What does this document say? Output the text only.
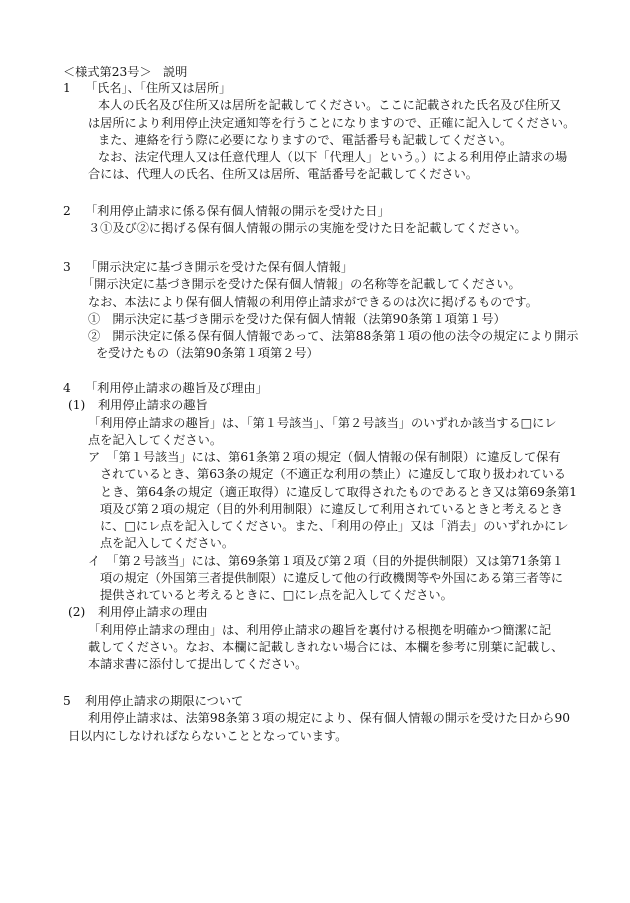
＜様式第23号＞ 説明
1 「氏名」、「住所又は居所」
本人の氏名及び住所又は居所を記載してください。ここに記載された氏名及び住所又
は居所により利用停止決定通知等を行うことになりますので、正確に記入してください。
また、連絡を行う際に必要になりますので、電話番号も記載してください。
なお、法定代理人又は任意代理人（以下「代理人」という。）による利用停止請求の場
合には、代理人の氏名、住所又は居所、電話番号を記載してください。
2 「利用停止請求に係る保有個人情報の開示を受けた日」
３①及び②に掲げる保有個人情報の開示の実施を受けた日を記載してください。
3 「開示決定に基づき開示を受けた保有個人情報」
「開示決定に基づき開示を受けた保有個人情報」の名称等を記載してください。
なお、本法により保有個人情報の利用停止請求ができるのは次に掲げるものです。
①　開示決定に基づき開示を受けた保有個人情報（法第90条第１項第１号）
②　開示決定に係る保有個人情報であって、法第88条第１項の他の法令の規定により開示
を受けたもの（法第90条第１項第２号）
4 「利用停止請求の趣旨及び理由」
(1) 利用停止請求の趣旨
「利用停止請求の趣旨」は、「第１号該当」、「第２号該当」のいずれか該当する□にレ
点を記入してください。
ア　「第１号該当」には、第61条第２項の規定（個人情報の保有制限）に違反して保有
されているとき、第63条の規定（不適正な利用の禁止）に違反して取り扱われている
とき、第64条の規定（適正取得）に違反して取得されたものであるとき又は第69条第1
項及び第２項の規定（目的外利用制限）に違反して利用されているときと考えるとき
に、□にレ点を記入してください。また、「利用の停止」又は「消去」のいずれかにレ
点を記入してください。
イ　「第２号該当」には、第69条第１項及び第２項（目的外提供制限）又は第71条第１
項の規定（外国第三者提供制限）に違反して他の行政機関等や外国にある第三者等に
提供されていると考えるときに、□にレ点を記入してください。
(2) 利用停止請求の理由
「利用停止請求の理由」は、利用停止請求の趣旨を裏付ける根拠を明確かつ簡潔に記
載してください。なお、本欄に記載しきれない場合には、本欄を参考に別葉に記載し、
本請求書に添付して提出してください。
5 利用停止請求の期限について
利用停止請求は、法第98条第３項の規定により、保有個人情報の開示を受けた日から90
日以内にしなければならないこととなっています。
